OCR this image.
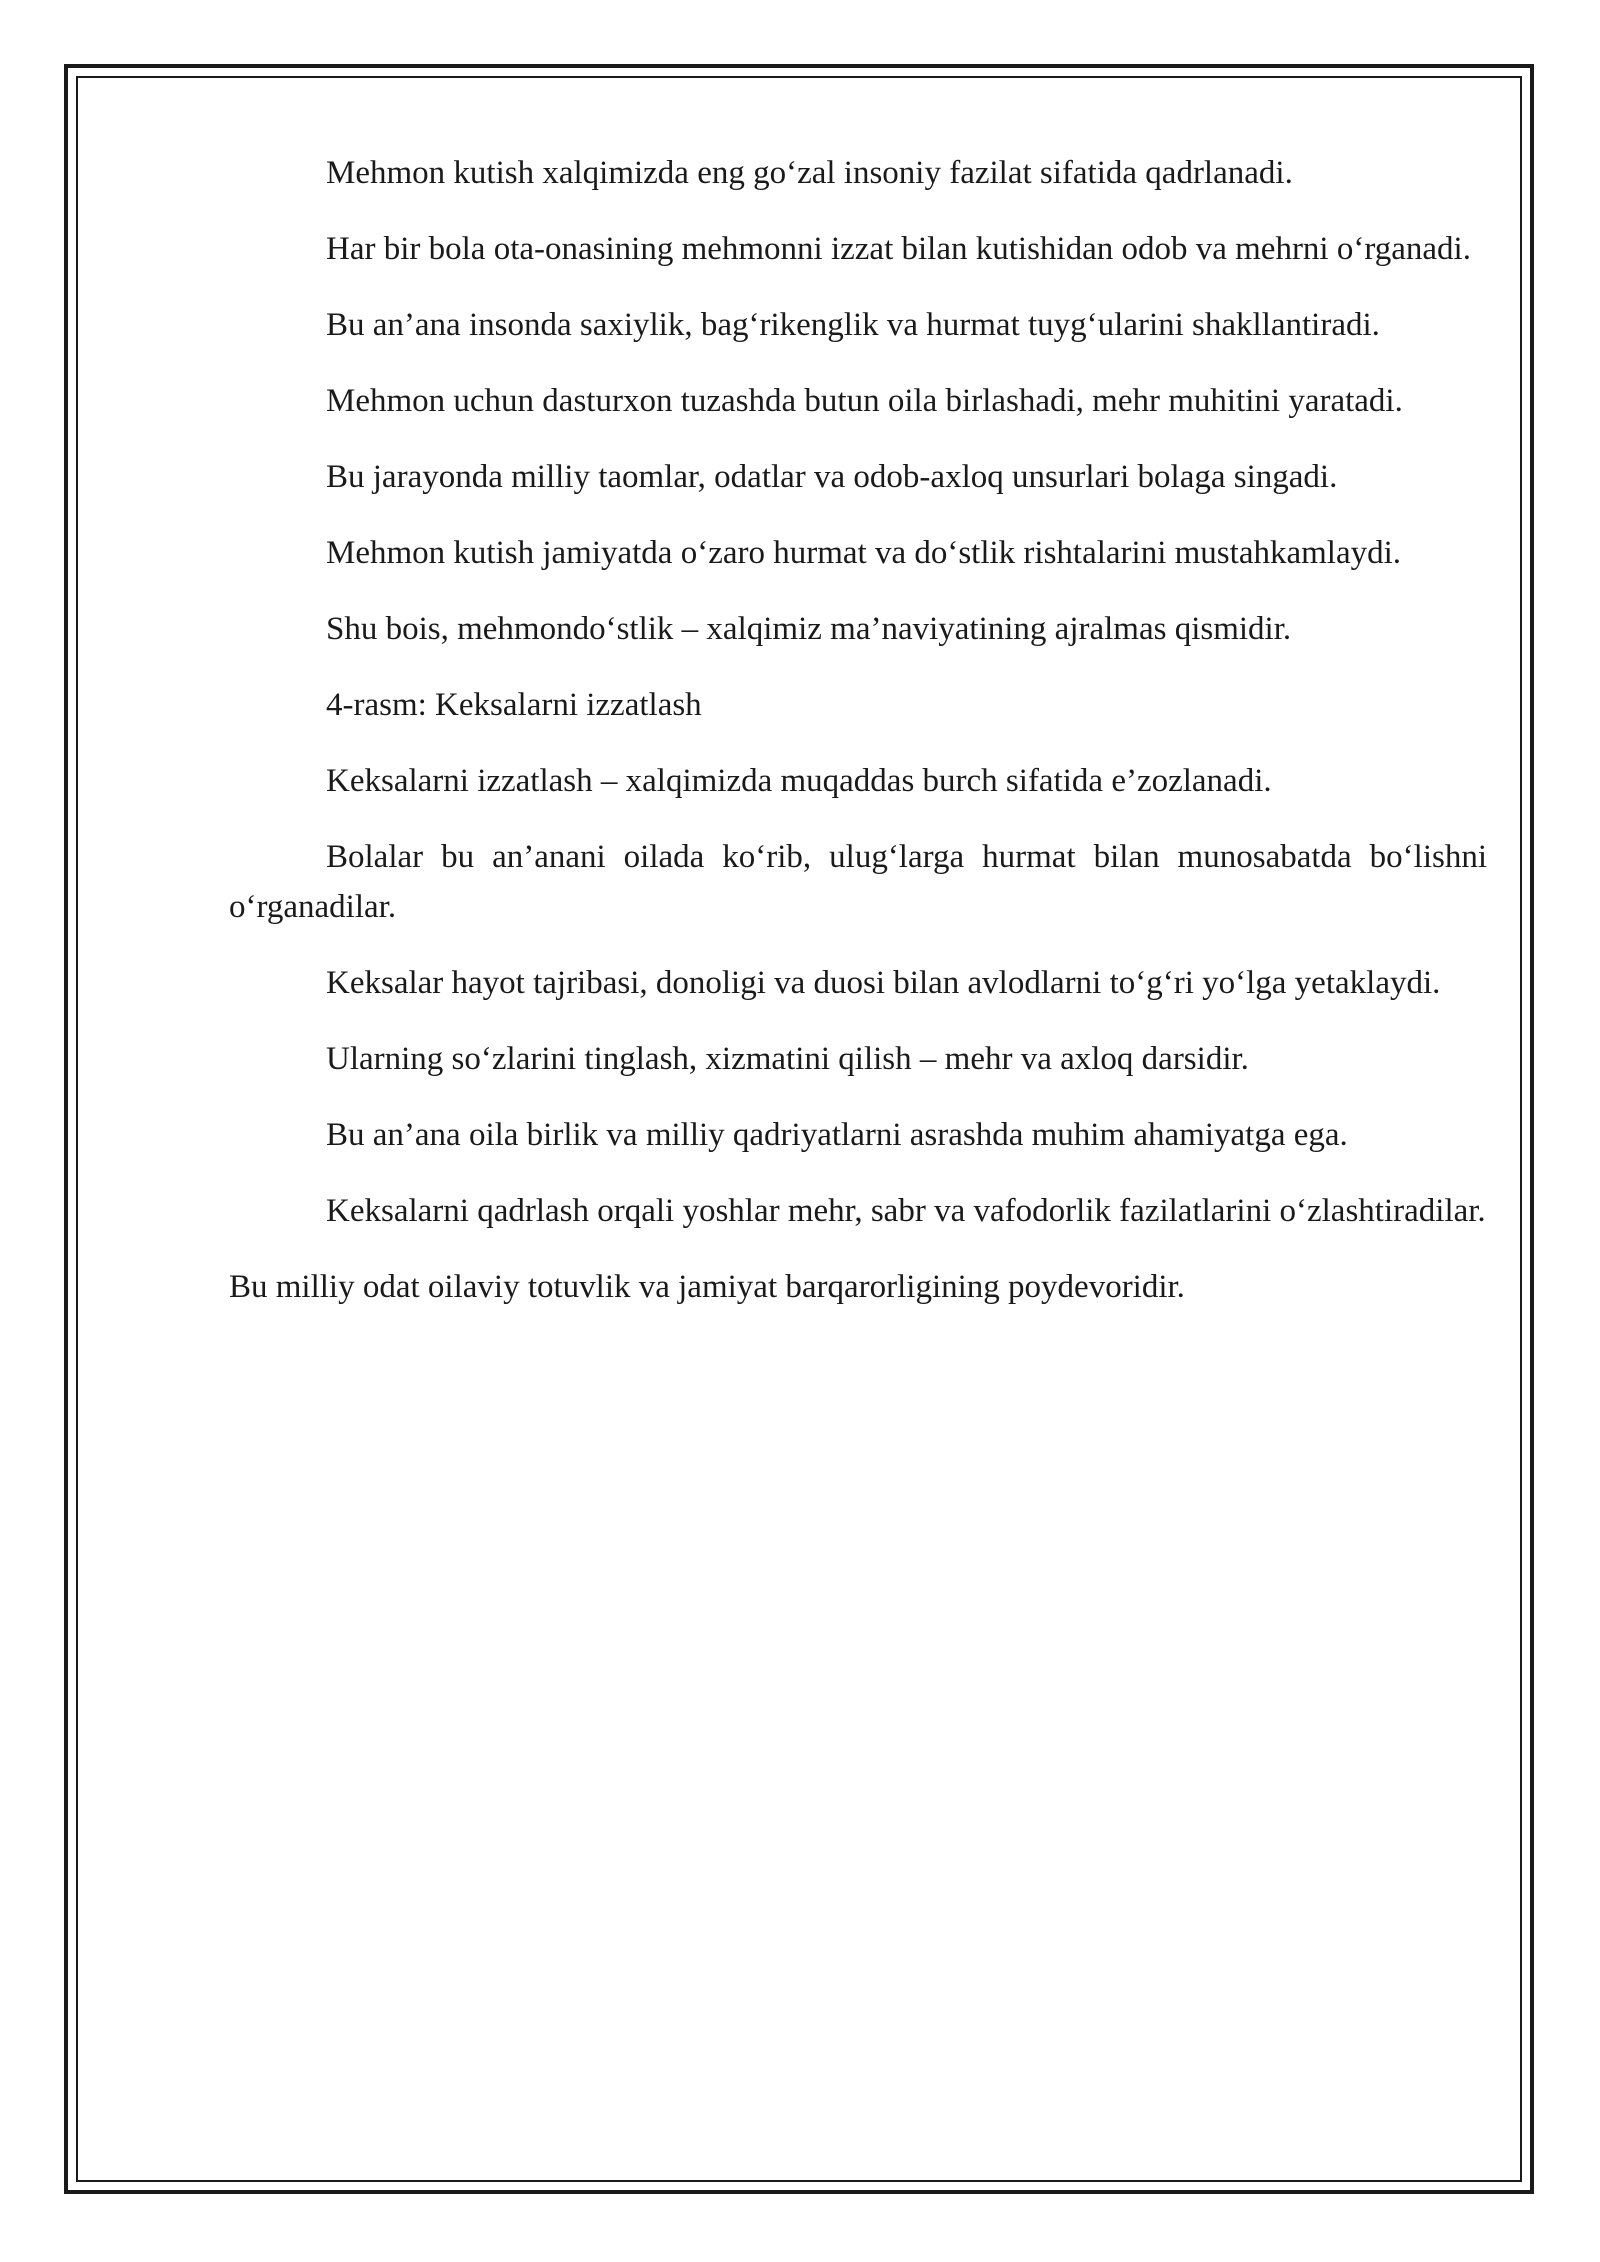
Mehmon kutish xalqimizda eng go‘zal insoniy fazilat sifatida qadrlanadi.

Har bir bola ota-onasining mehmonni izzat bilan kutishidan odob va mehrni o‘rganadi.

Bu an’ana insonda saxiylik, bag‘rikenglik va hurmat tuyg‘ularini shakllantiradi.

Mehmon uchun dasturxon tuzashda butun oila birlashadi, mehr muhitini yaratadi.

Bu jarayonda milliy taomlar, odatlar va odob-axloq unsurlari bolaga singadi.

Mehmon kutish jamiyatda o‘zaro hurmat va do‘stlik rishtalarini mustahkamlaydi.

Shu bois, mehmondo‘stlik – xalqimiz ma’naviyatining ajralmas qismidir.

4-rasm: Keksalarni izzatlash

Keksalarni izzatlash – xalqimizda muqaddas burch sifatida e’zozlanadi.

Bolalar bu an’anani oilada ko‘rib, ulug‘larga hurmat bilan munosabatda bo‘lishni o‘rganadilar.

Keksalar hayot tajribasi, donoligi va duosi bilan avlodlarni to‘g‘ri yo‘lga yetaklaydi.

Ularning so‘zlarini tinglash, xizmatini qilish – mehr va axloq darsidir.

Bu an’ana oila birlik va milliy qadriyatlarni asrashda muhim ahamiyatga ega.

Keksalarni qadrlash orqali yoshlar mehr, sabr va vafodorlik fazilatlarini o‘zlashtiradilar.

Bu milliy odat oilaviy totuvlik va jamiyat barqarorligining poydevoridir.
